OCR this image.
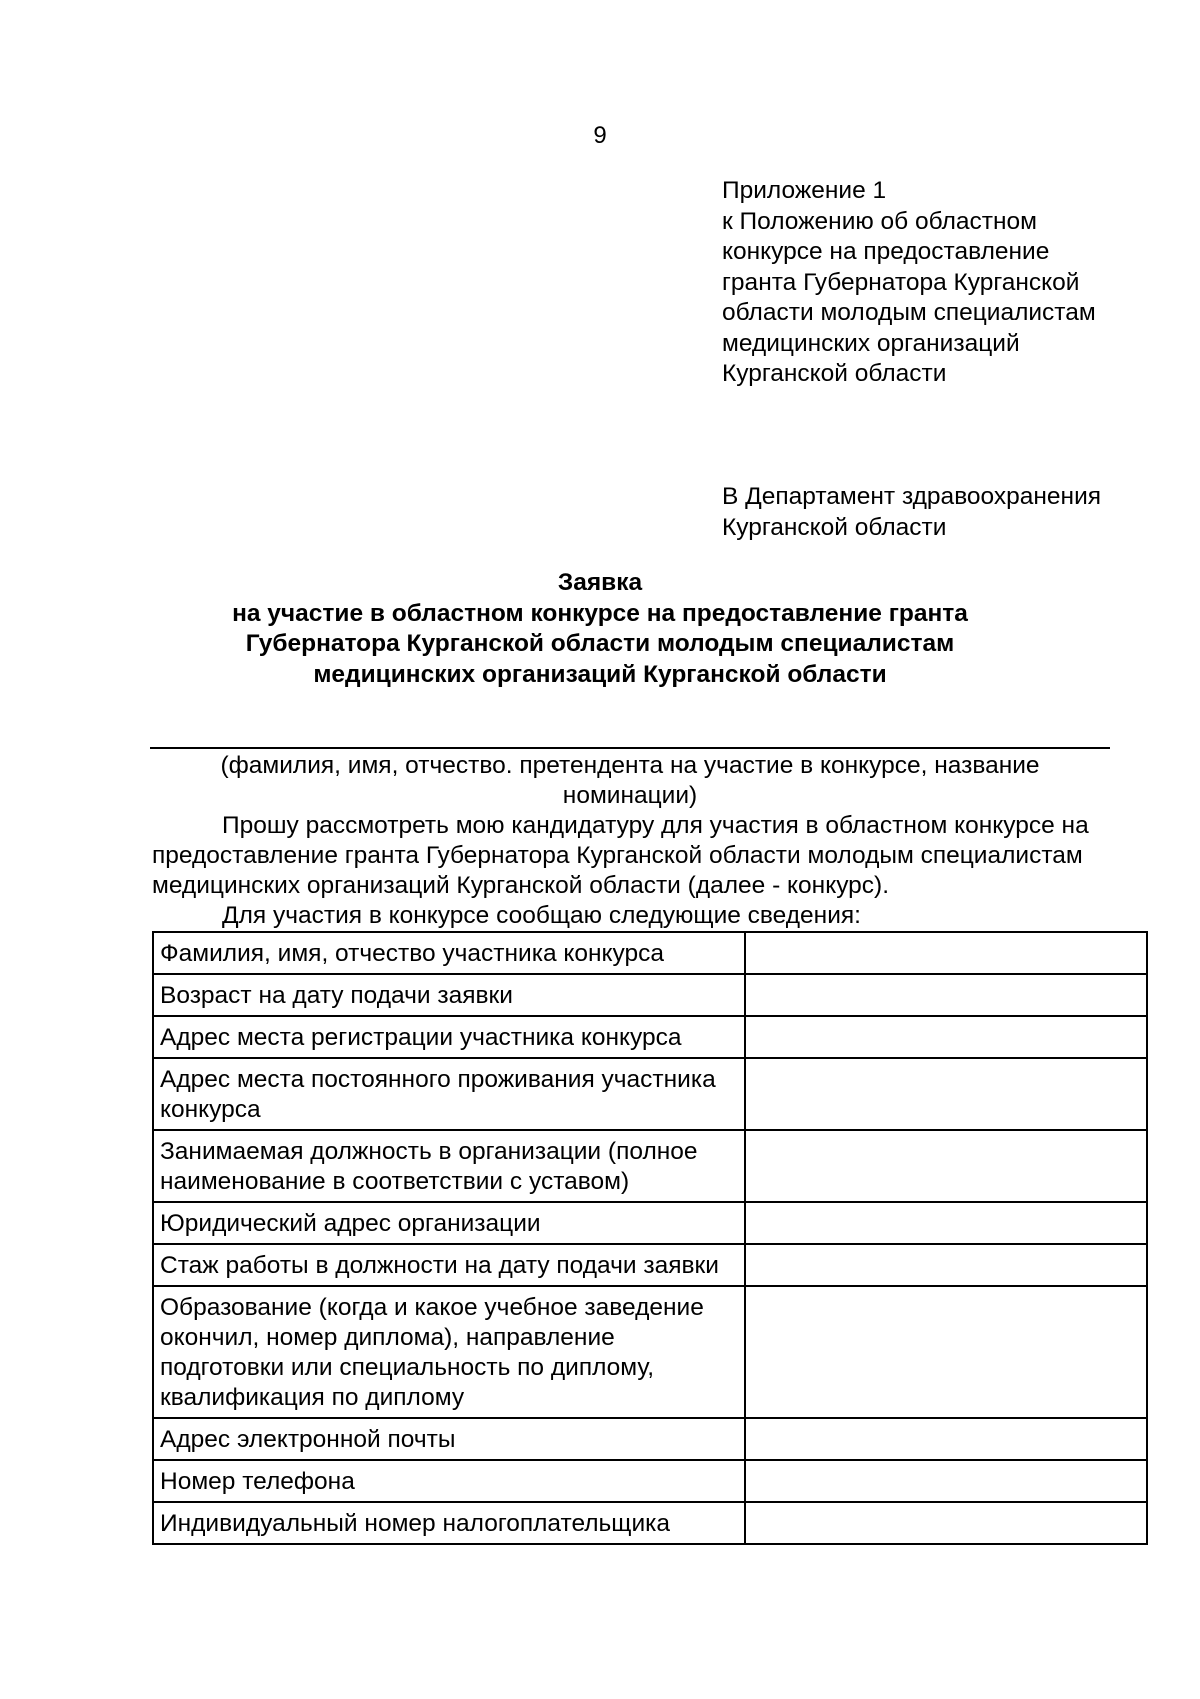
9
Приложение 1
к Положению об областном
конкурсе на предоставление
гранта Губернатора Курганской
области молодым специалистам
медицинских организаций
Курганской области
В Департамент здравоохранения
Курганской области
Заявка
на участие в областном конкурсе на предоставление гранта
Губернатора Курганской области молодым специалистам
медицинских организаций Курганской области
(фамилия, имя, отчество. претендента на участие в конкурсе, название
номинации)
Прошу рассмотреть мою кандидатуру для участия в областном конкурсе на
предоставление гранта Губернатора Курганской области молодым специалистам
медицинских организаций Курганской области (далее - конкурс).
Для участия в конкурсе сообщаю следующие сведения:
Фамилия, имя, отчество участника конкурса	
Возраст на дату подачи заявки	
Адрес места регистрации участника конкурса	
Адрес места постоянного проживания участника конкурса	
Занимаемая должность в организации (полное наименование в соответствии с уставом)	
Юридический адрес организации	
Стаж работы в должности на дату подачи заявки	
Образование (когда и какое учебное заведение окончил, номер диплома), направление подготовки или специальность по диплому, квалификация по диплому	
Адрес электронной почты	
Номер телефона	
Индивидуальный номер налогоплательщика	
